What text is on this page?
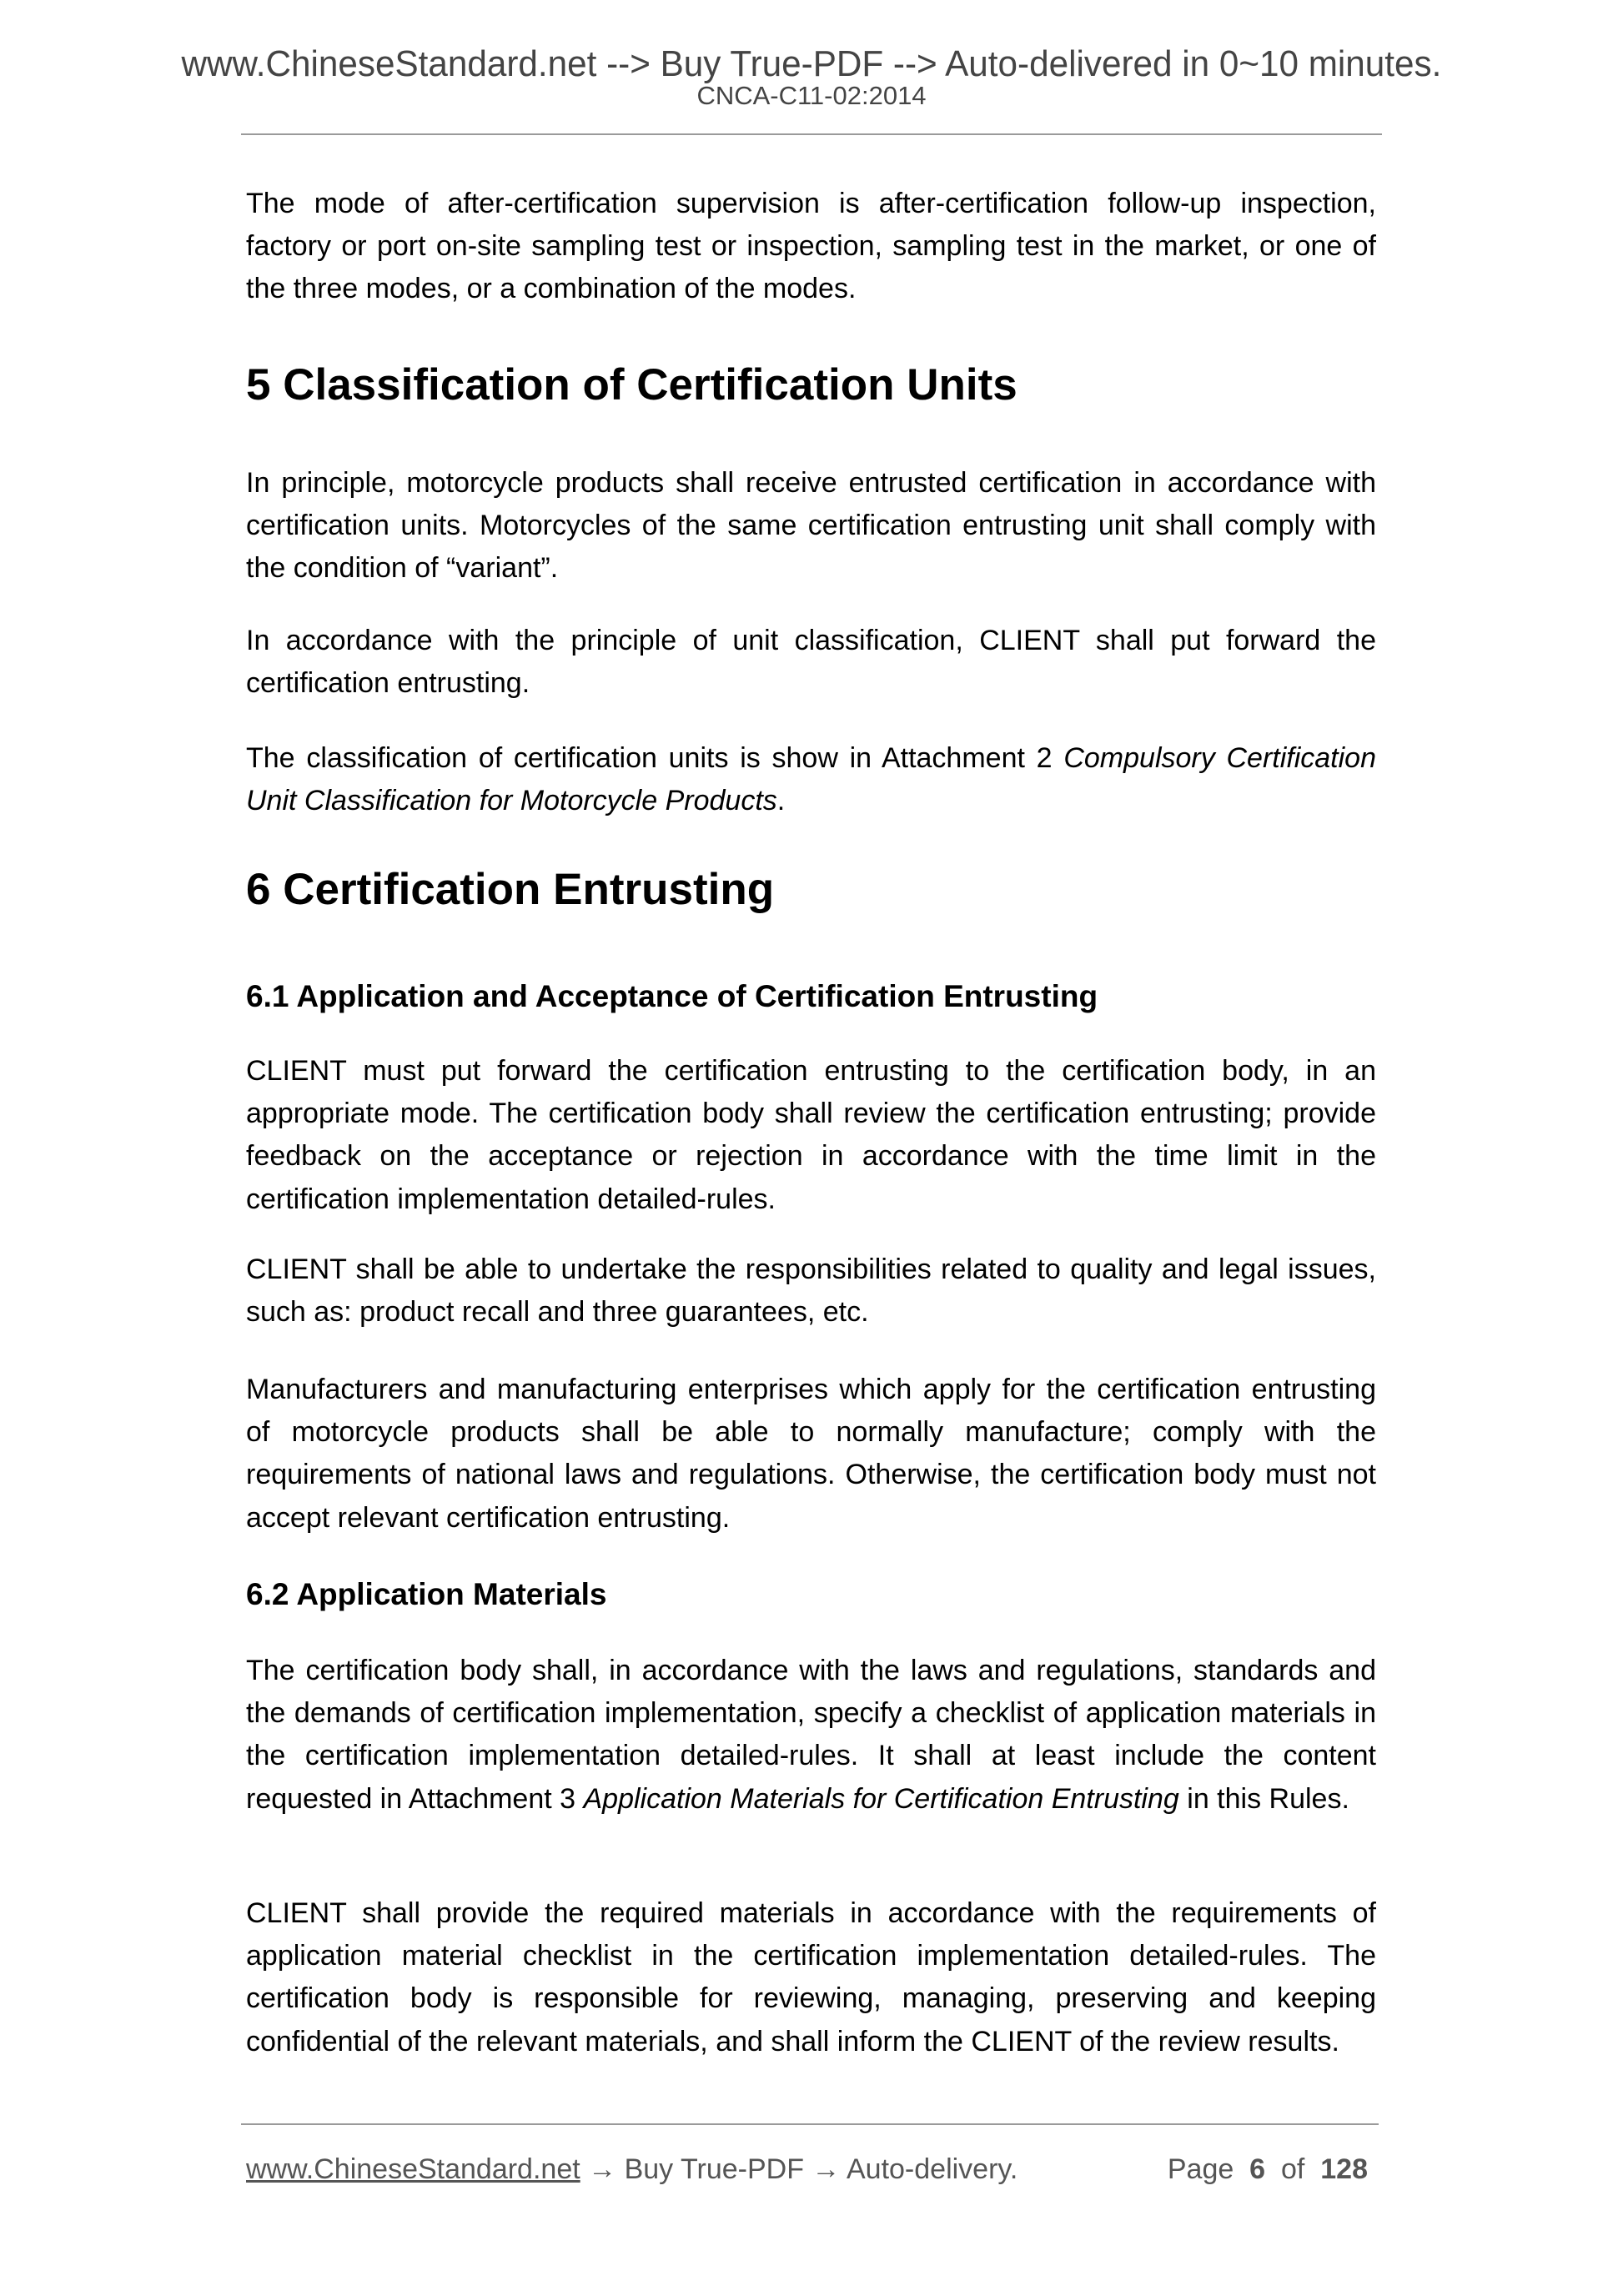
www.ChineseStandard.net --> Buy True-PDF --> Auto-delivered in 0~10 minutes.
CNCA-C11-02:2014

The mode of after-certification supervision is after-certification follow-up inspection, factory or port on-site sampling test or inspection, sampling test in the market, or one of the three modes, or a combination of the modes.

5 Classification of Certification Units

In principle, motorcycle products shall receive entrusted certification in accordance with certification units. Motorcycles of the same certification entrusting unit shall comply with the condition of “variant”.

In accordance with the principle of unit classification, CLIENT shall put forward the certification entrusting.

The classification of certification units is show in Attachment 2 Compulsory Certification Unit Classification for Motorcycle Products.

6 Certification Entrusting
6.1 Application and Acceptance of Certification Entrusting

CLIENT must put forward the certification entrusting to the certification body, in an appropriate mode. The certification body shall review the certification entrusting; provide feedback on the acceptance or rejection in accordance with the time limit in the certification implementation detailed-rules.

CLIENT shall be able to undertake the responsibilities related to quality and legal issues, such as: product recall and three guarantees, etc.

Manufacturers and manufacturing enterprises which apply for the certification entrusting of motorcycle products shall be able to normally manufacture; comply with the requirements of national laws and regulations. Otherwise, the certification body must not accept relevant certification entrusting.

6.2 Application Materials

The certification body shall, in accordance with the laws and regulations, standards and the demands of certification implementation, specify a checklist of application materials in the certification implementation detailed-rules. It shall at least include the content requested in Attachment 3 Application Materials for Certification Entrusting in this Rules.

CLIENT shall provide the required materials in accordance with the requirements of application material checklist in the certification implementation detailed-rules. The certification body is responsible for reviewing, managing, preserving and keeping confidential of the relevant materials, and shall inform the CLIENT of the review results.

www.ChineseStandard.net → Buy True-PDF → Auto-delivery.	Page 6 of 128
